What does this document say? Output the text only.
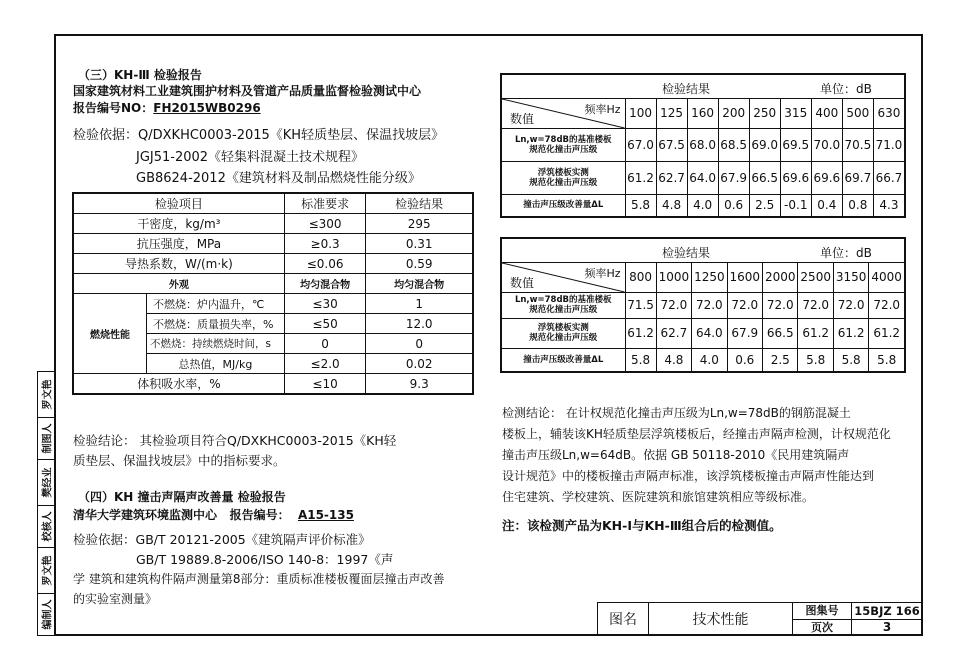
罗文艳
制图人
樊经业
校核人
罗文艳
编制人
（三）KH-Ⅲ 检验报告
国家建筑材料工业建筑围护材料及管道产品质量监督检验测试中心
报告编号NO：FH2015WB0296
检验依据：Q/DXKHC0003-2015《KH轻质垫层、保温找坡层》
JGJ51-2002《轻集料混凝土技术规程》
GB8624-2012《建筑材料及制品燃烧性能分级》
检验项目		标准要求	检验结果
干密度，kg/m³		≤300	295
抗压强度，MPa		≥0.3	0.31
导热系数，W/(m·k)		≤0.06	0.59
外观		均匀混合物	均匀混合物
燃烧性能	不燃烧：炉内温升，℃	≤30	1
	不燃烧：质量损失率，%	≤50	12.0
	不燃烧：持续燃烧时间，s	0	0
	总热值，MJ/kg	≤2.0	0.02
体积吸水率，%		≤10	9.3
检验结论： 其检验项目符合Q/DXKHC0003-2015《KH轻
质垫层、保温找坡层》中的指标要求。
（四）KH 撞击声隔声改善量 检验报告
清华大学建筑环境监测中心 报告编号： A15-135
检验依据：GB/T 20121-2005《建筑隔声评价标准》
GB/T 19889.8-2006/ISO 140-8：1997《声
学 建筑和建筑构件隔声测量第8部分：重质标准楼板覆面层撞击声改善
的实验室测量》
检验结果 单位：dB									

频率Hz
数值	100	125	160	200	250	315	400	500	630

Ln,w=78dB的基准楼板
规范化撞击声压级	67.0	67.5	68.0	68.5	69.0	69.5	70.0	70.5	71.0

浮筑楼板实测
规范化撞击声压级	61.2	62.7	64.0	67.9	66.5	69.6	69.6	69.7	66.7
撞击声压级改善量ΔL	5.8	4.8	4.0	0.6	2.5	-0.1	0.4	0.8	4.3
检验结果 单位：dB								

频率Hz
数值	800	1000	1250	1600	2000	2500	3150	4000

Ln,w=78dB的基准楼板
规范化撞击声压级	71.5	72.0	72.0	72.0	72.0	72.0	72.0	72.0

浮筑楼板实测
规范化撞击声压级	61.2	62.7	64.0	67.9	66.5	61.2	61.2	61.2
撞击声压级改善量ΔL	5.8	4.8	4.0	0.6	2.5	5.8	5.8	5.8
检测结论： 在计权规范化撞击声压级为Ln,w=78dB的钢筋混凝土
楼板上，辅装该KH轻质垫层浮筑楼板后，经撞击声隔声检测，计权规范化
撞击声压级Ln,w=64dB。依据 GB 50118-2010《民用建筑隔声
设计规范》中的楼板撞击声隔声标准，该浮筑楼板撞击声隔声性能达到
住宅建筑、学校建筑、医院建筑和旅馆建筑相应等级标准。
注：该检测产品为KH-Ⅰ与KH-Ⅲ组合后的检测值。
图名	技术性能
图集号	15BJZ 166
页次	3
